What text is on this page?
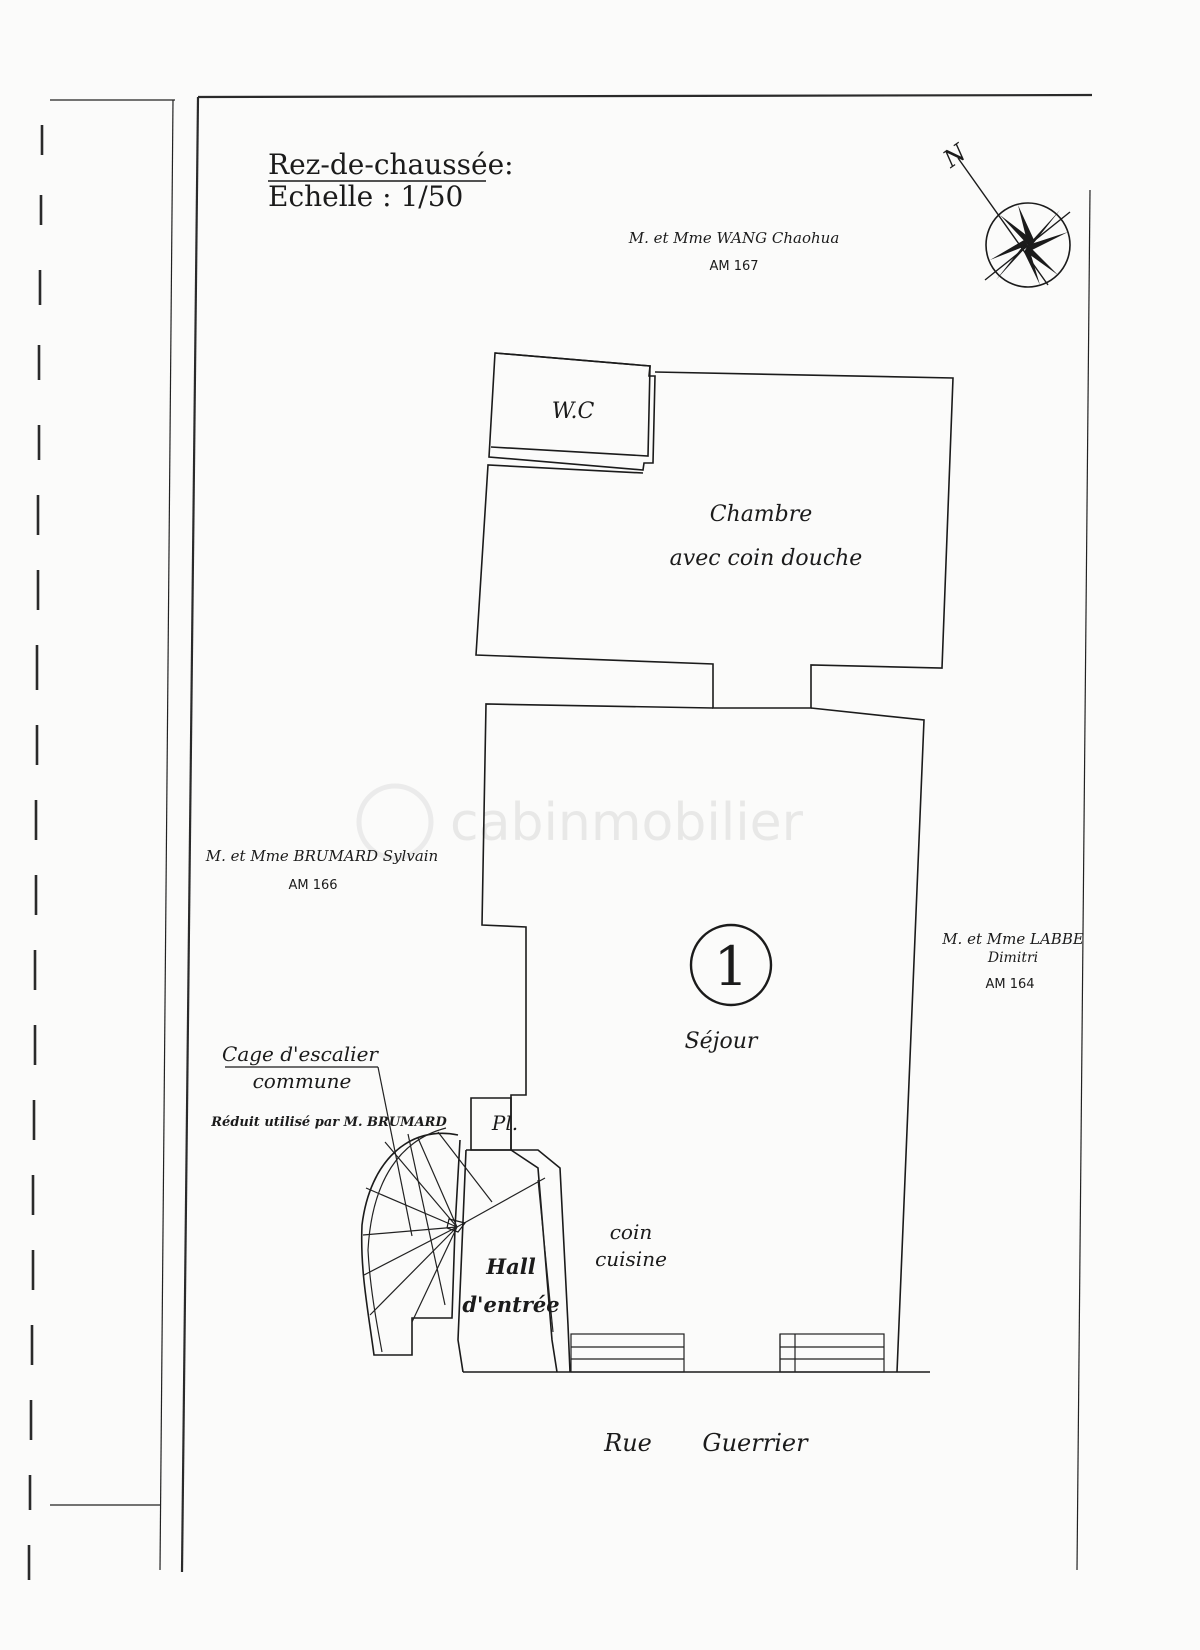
cabinmobilier
Rez-de-chaussée:
Echelle : 1/50
N
M. et Mme WANG Chaohua
AM 167
M. et Mme BRUMARD Sylvain
AM 166
M. et Mme LABBE
Dimitri
AM 164
W.C
Chambre
avec coin douche
1
Séjour
coin
cuisine
Hall
d'entrée
Pl.
Cage d'escalier
commune
Réduit utilisé par M. BRUMARD
Rue Guerrier
